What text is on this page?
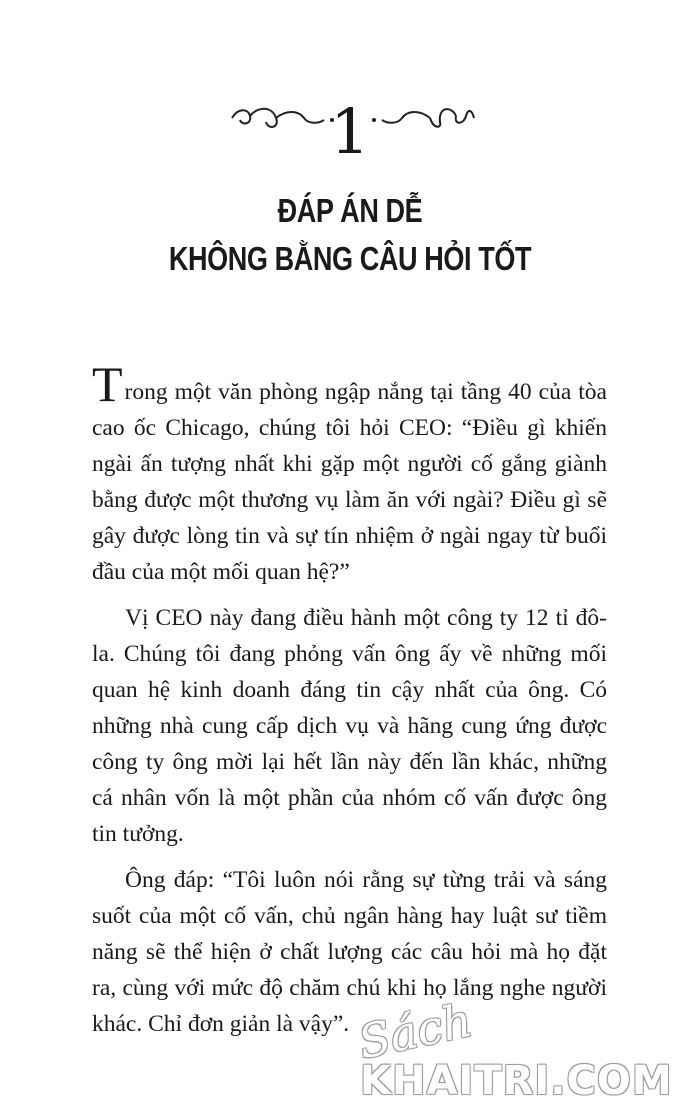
1
ĐÁP ÁN DỄ
KHÔNG BẰNG CÂU HỎI TỐT

Trong một văn phòng ngập nắng tại tầng 40 của tòa cao ốc Chicago, chúng tôi hỏi CEO: “Điều gì khiến ngài ấn tượng nhất khi gặp một người cố gắng giành bằng được một thương vụ làm ăn với ngài? Điều gì sẽ gây được lòng tin và sự tín nhiệm ở ngài ngay từ buổi đầu của một mối quan hệ?”

Vị CEO này đang điều hành một công ty 12 tỉ đô-la. Chúng tôi đang phỏng vấn ông ấy về những mối quan hệ kinh doanh đáng tin cậy nhất của ông. Có những nhà cung cấp dịch vụ và hãng cung ứng được công ty ông mời lại hết lần này đến lần khác, những cá nhân vốn là một phần của nhóm cố vấn được ông tin tưởng.

Ông đáp: “Tôi luôn nói rằng sự từng trải và sáng suốt của một cố vấn, chủ ngân hàng hay luật sư tiềm năng sẽ thể hiện ở chất lượng các câu hỏi mà họ đặt ra, cùng với mức độ chăm chú khi họ lắng nghe người khác. Chỉ đơn giản là vậy”. Sách
KHAITRI.COM
